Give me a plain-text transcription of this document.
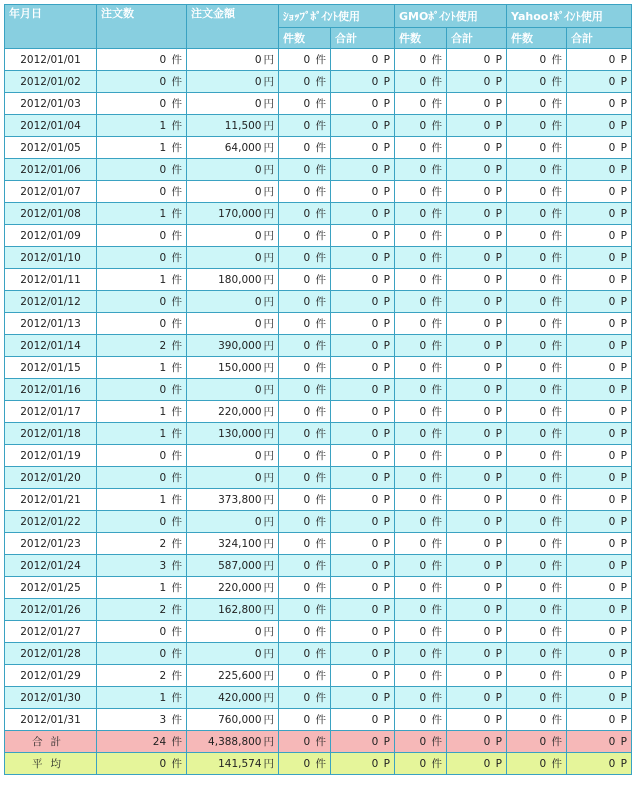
年月日	注文数	注文金額	ｼｮｯﾌﾟﾎﾟｲﾝﾄ使用		GMOﾎﾟｲﾝﾄ使用		Yahoo!ﾎﾟｲﾝﾄ使用	
			件数	合計	件数	合計	件数	合計
2012/01/01	0 件	0 円	0 件	0 P	0 件	0 P	0 件	0 P
2012/01/02	0 件	0 円	0 件	0 P	0 件	0 P	0 件	0 P
2012/01/03	0 件	0 円	0 件	0 P	0 件	0 P	0 件	0 P
2012/01/04	1 件	11,500 円	0 件	0 P	0 件	0 P	0 件	0 P
2012/01/05	1 件	64,000 円	0 件	0 P	0 件	0 P	0 件	0 P
2012/01/06	0 件	0 円	0 件	0 P	0 件	0 P	0 件	0 P
2012/01/07	0 件	0 円	0 件	0 P	0 件	0 P	0 件	0 P
2012/01/08	1 件	170,000 円	0 件	0 P	0 件	0 P	0 件	0 P
2012/01/09	0 件	0 円	0 件	0 P	0 件	0 P	0 件	0 P
2012/01/10	0 件	0 円	0 件	0 P	0 件	0 P	0 件	0 P
2012/01/11	1 件	180,000 円	0 件	0 P	0 件	0 P	0 件	0 P
2012/01/12	0 件	0 円	0 件	0 P	0 件	0 P	0 件	0 P
2012/01/13	0 件	0 円	0 件	0 P	0 件	0 P	0 件	0 P
2012/01/14	2 件	390,000 円	0 件	0 P	0 件	0 P	0 件	0 P
2012/01/15	1 件	150,000 円	0 件	0 P	0 件	0 P	0 件	0 P
2012/01/16	0 件	0 円	0 件	0 P	0 件	0 P	0 件	0 P
2012/01/17	1 件	220,000 円	0 件	0 P	0 件	0 P	0 件	0 P
2012/01/18	1 件	130,000 円	0 件	0 P	0 件	0 P	0 件	0 P
2012/01/19	0 件	0 円	0 件	0 P	0 件	0 P	0 件	0 P
2012/01/20	0 件	0 円	0 件	0 P	0 件	0 P	0 件	0 P
2012/01/21	1 件	373,800 円	0 件	0 P	0 件	0 P	0 件	0 P
2012/01/22	0 件	0 円	0 件	0 P	0 件	0 P	0 件	0 P
2012/01/23	2 件	324,100 円	0 件	0 P	0 件	0 P	0 件	0 P
2012/01/24	3 件	587,000 円	0 件	0 P	0 件	0 P	0 件	0 P
2012/01/25	1 件	220,000 円	0 件	0 P	0 件	0 P	0 件	0 P
2012/01/26	2 件	162,800 円	0 件	0 P	0 件	0 P	0 件	0 P
2012/01/27	0 件	0 円	0 件	0 P	0 件	0 P	0 件	0 P
2012/01/28	0 件	0 円	0 件	0 P	0 件	0 P	0 件	0 P
2012/01/29	2 件	225,600 円	0 件	0 P	0 件	0 P	0 件	0 P
2012/01/30	1 件	420,000 円	0 件	0 P	0 件	0 P	0 件	0 P
2012/01/31	3 件	760,000 円	0 件	0 P	0 件	0 P	0 件	0 P
合計	24 件	4,388,800 円	0 件	0 P	0 件	0 P	0 件	0 P
平均	0 件	141,574 円	0 件	0 P	0 件	0 P	0 件	0 P
